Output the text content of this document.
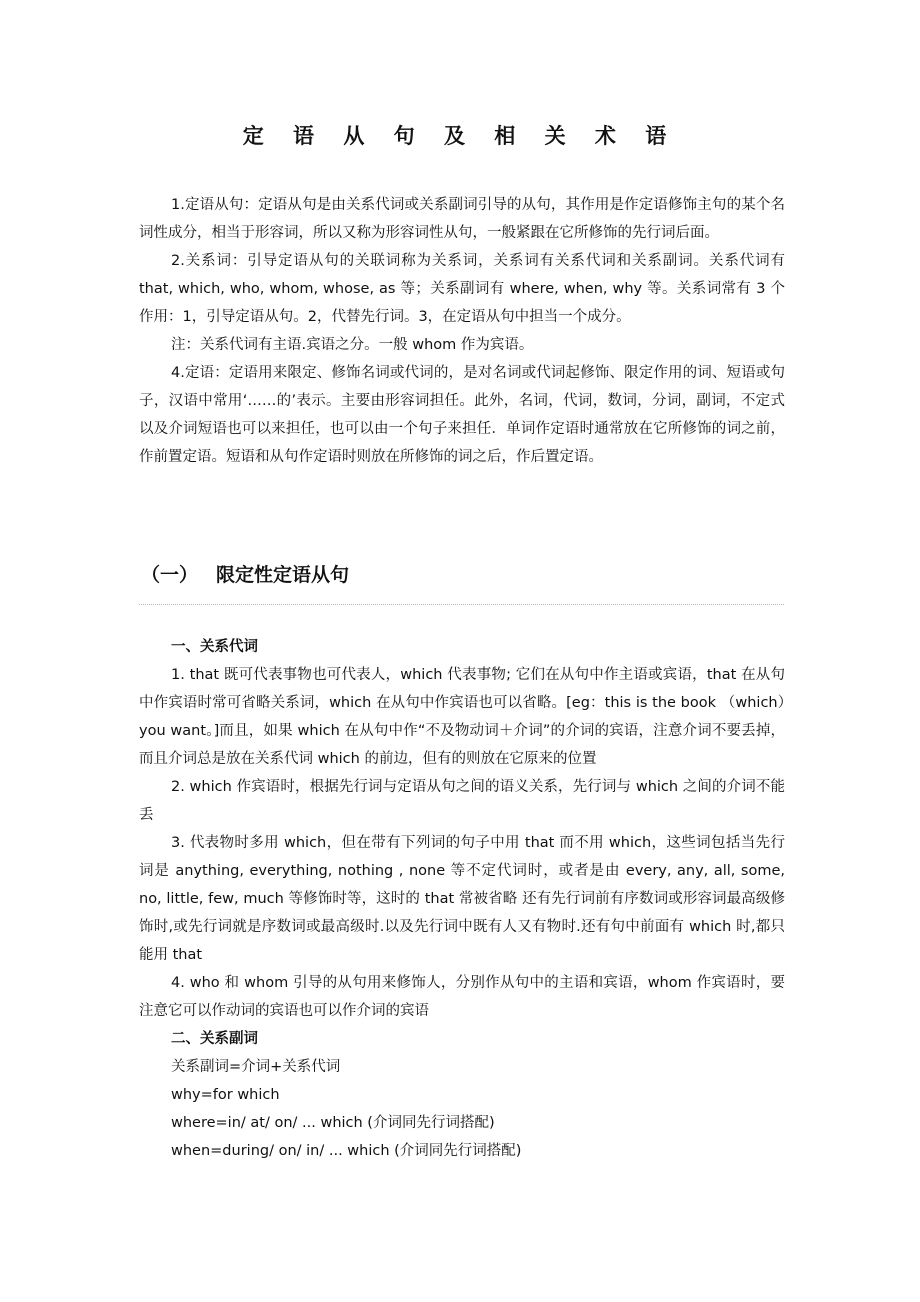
定 语 从 句 及 相 关 术 语

1.定语从句：定语从句是由关系代词或关系副词引导的从句，其作用是作定语修饰主句的某个名词性成分，相当于形容词，所以又称为形容词性从句，一般紧跟在它所修饰的先行词后面。

2.关系词：引导定语从句的关联词称为关系词，关系词有关系代词和关系副词。关系代词有 that, which, who, whom, whose, as 等；关系副词有 where, when, why 等。关系词常有 3 个作用：1，引导定语从句。2，代替先行词。3，在定语从句中担当一个成分。

注：关系代词有主语.宾语之分。一般 whom 作为宾语。

4.定语：定语用来限定、修饰名词或代词的，是对名词或代词起修饰、限定作用的词、短语或句子，汉语中常用‘……的’表示。主要由形容词担任。此外，名词，代词，数词，分词，副词，不定式以及介词短语也可以来担任，也可以由一个句子来担任．单词作定语时通常放在它所修饰的词之前，作前置定语。短语和从句作定语时则放在所修饰的词之后，作后置定语。

（一） 限定性定语从句

一、关系代词

1. that 既可代表事物也可代表人，which 代表事物; 它们在从句中作主语或宾语，that 在从句中作宾语时常可省略关系词，which 在从句中作宾语也可以省略。[eg：this is the book （which）you want。]而且，如果 which 在从句中作“不及物动词＋介词”的介词的宾语，注意介词不要丢掉，而且介词总是放在关系代词 which 的前边，但有的则放在它原来的位置

2. which 作宾语时，根据先行词与定语从句之间的语义关系，先行词与 which 之间的介词不能丢

3. 代表物时多用 which，但在带有下列词的句子中用 that 而不用 which，这些词包括当先行词是 anything, everything, nothing , none 等不定代词时，或者是由 every, any, all, some, no, little, few, much 等修饰时等，这时的 that 常被省略 还有先行词前有序数词或形容词最高级修饰时,或先行词就是序数词或最高级时.以及先行词中既有人又有物时.还有句中前面有 which 时,都只能用 that

4. who 和 whom 引导的从句用来修饰人，分别作从句中的主语和宾语，whom 作宾语时，要注意它可以作动词的宾语也可以作介词的宾语

二、关系副词

关系副词=介词+关系代词

why=for which

where=in/ at/ on/ ... which (介词同先行词搭配)

when=during/ on/ in/ ... which (介词同先行词搭配)
